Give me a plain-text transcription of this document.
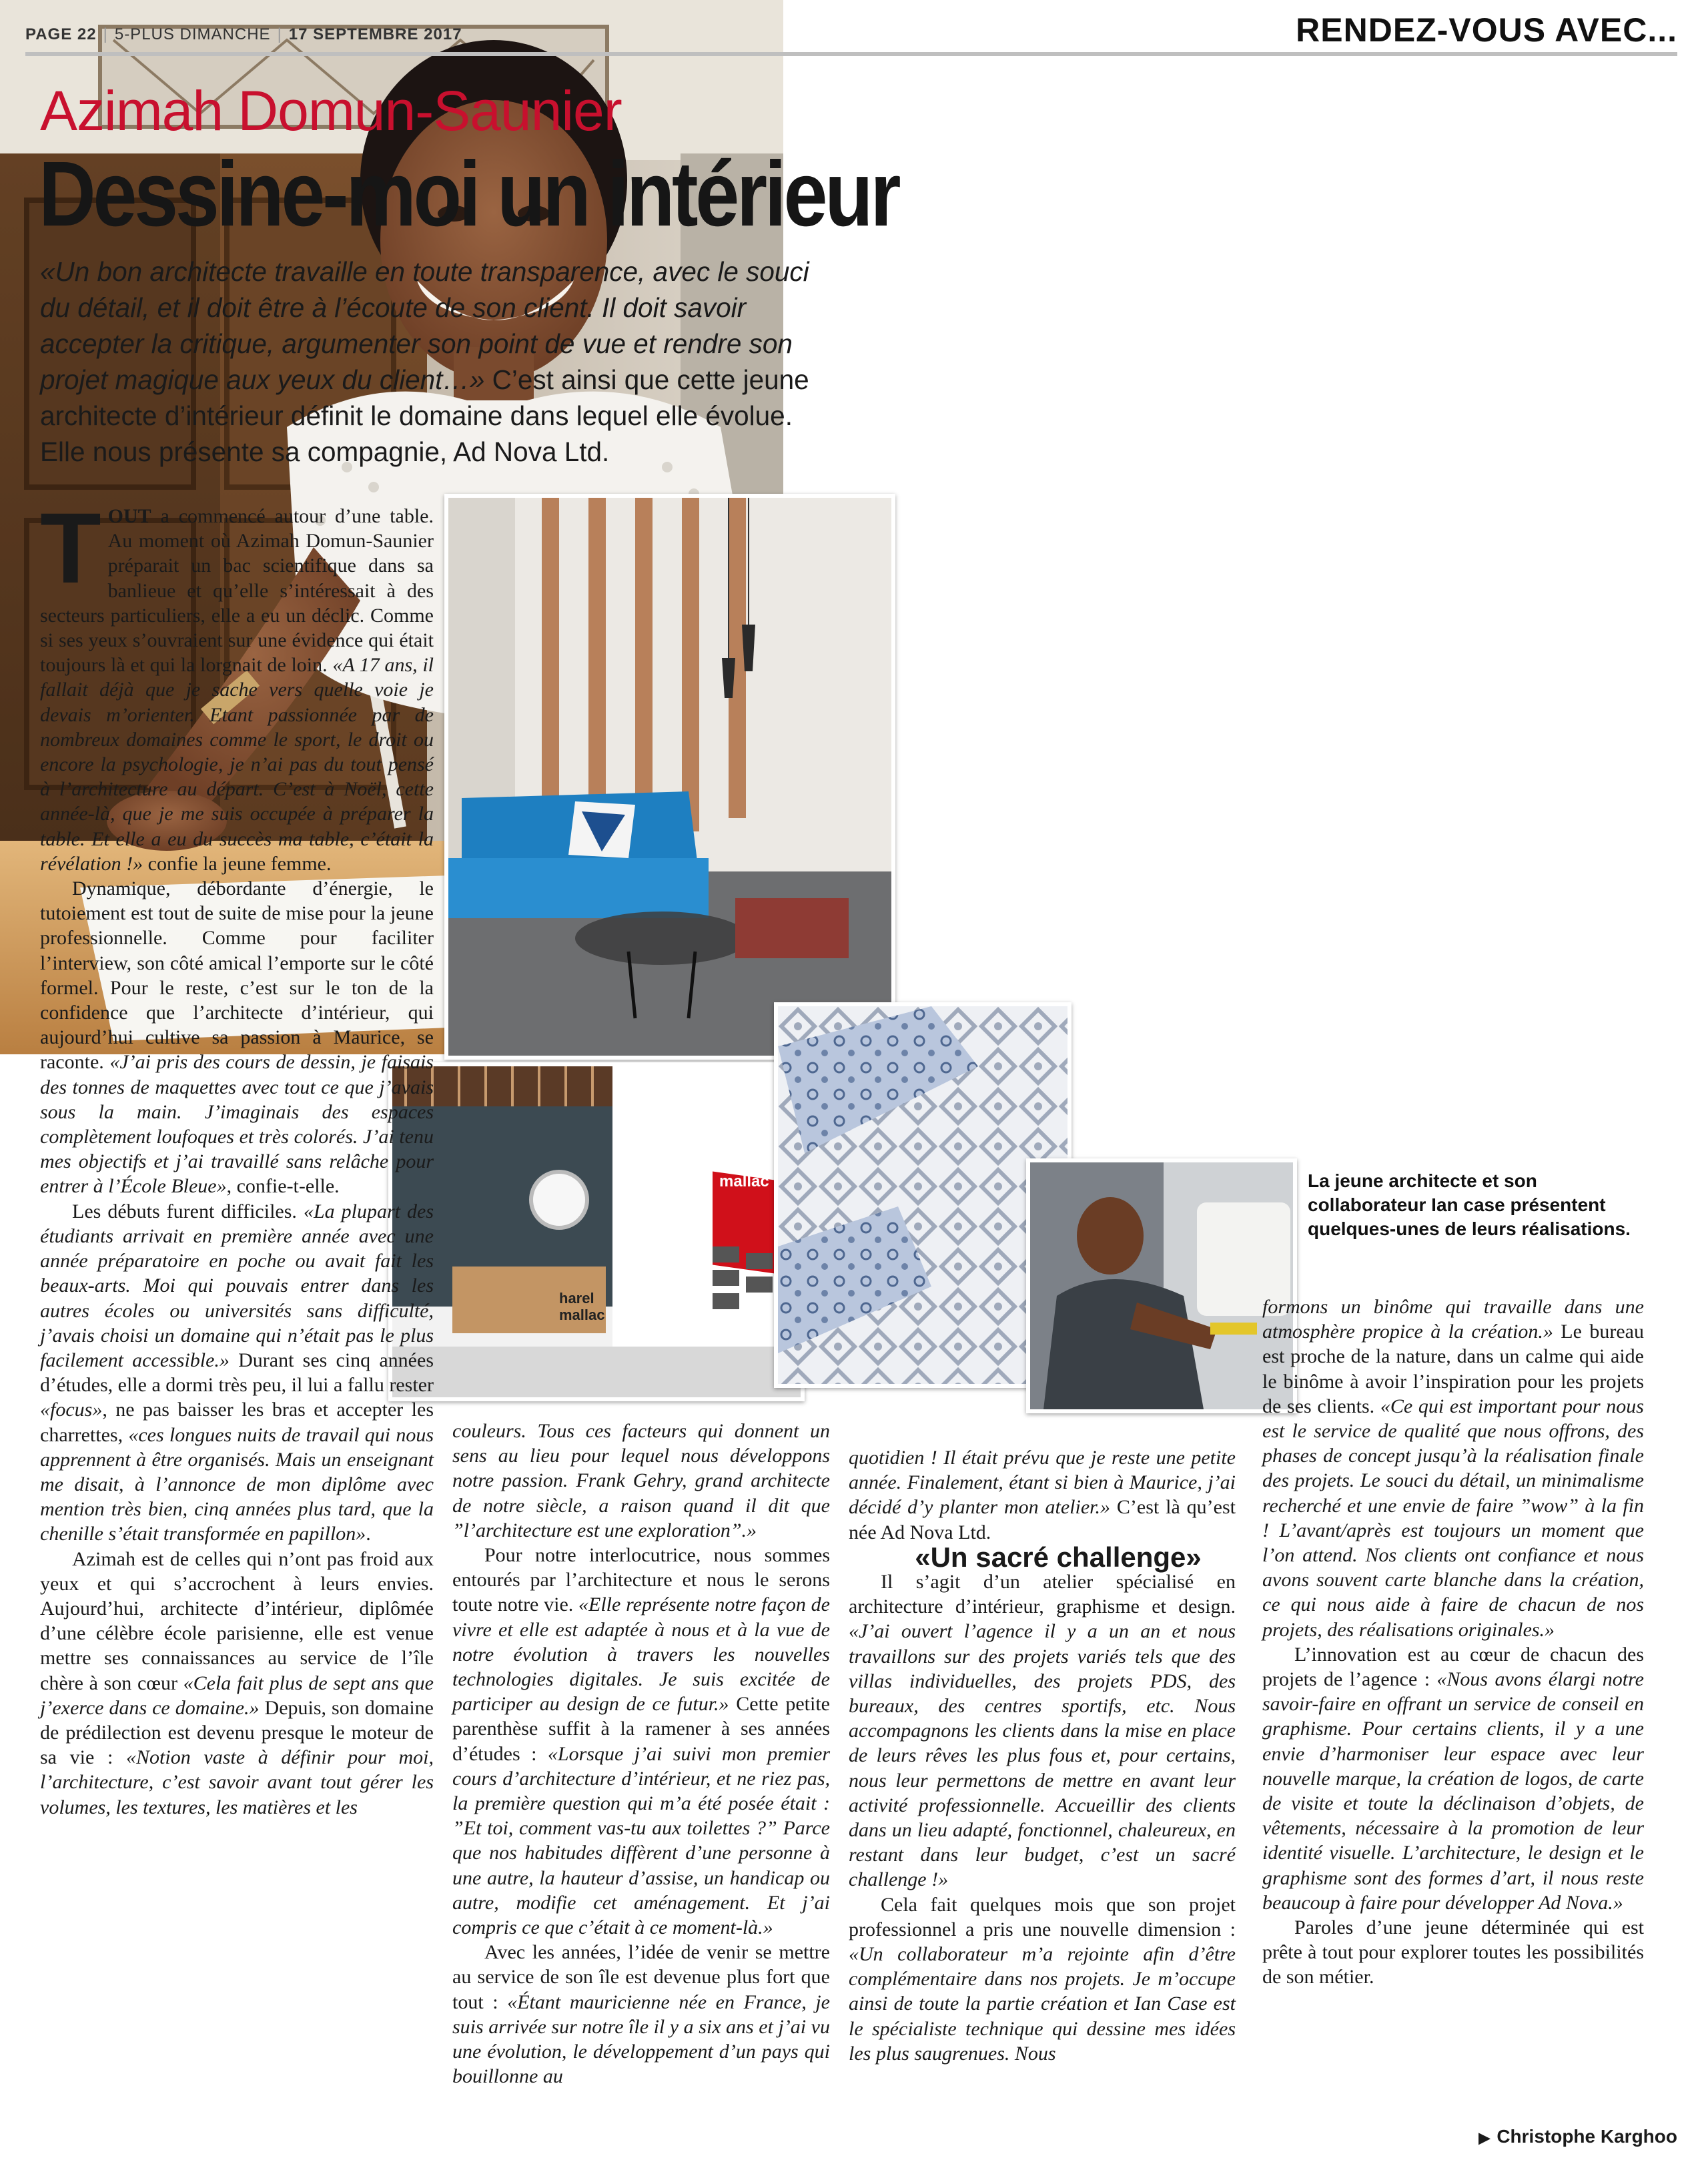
PAGE 22 | 5-PLUS DIMANCHE | 17 SEPTEMBRE 2017	RENDEZ-VOUS AVEC...
Azimah Domun-Saunier
Dessine-moi un intérieur
«Un bon architecte travaille en toute transparence, avec le souci du détail, et il doit être à l’écoute de son client. Il doit savoir accepter la critique, argumenter son point de vue et rendre son projet magique aux yeux du client…» C’est ainsi que cette jeune architecte d’intérieur définit le domaine dans lequel elle évolue. Elle nous présente sa compagnie, Ad Nova Ltd.
harel
mallac
harel
mallac	La jeune architecte et son collaborateur Ian case présentent quelques-unes de leurs réalisations.

TOUT a commencé autour d’une table. Au moment où Azimah Domun-Saunier préparait un bac scientifique dans sa banlieue et qu’elle s’intéressait à des secteurs particuliers, elle a eu un déclic. Comme si ses yeux s’ouvraient sur une évidence qui était toujours là et qui la lorgnait de loin. «A 17 ans, il fallait déjà que je sache vers quelle voie je devais m’orienter. Etant passionnée par de nombreux domaines comme le sport, le droit ou encore la psychologie, je n’ai pas du tout pensé à l’architecture au départ. C’est à Noël, cette année-là, que je me suis occupée à préparer la table. Et elle a eu du succès ma table, c’était la révélation !» confie la jeune femme.

Dynamique, débordante d’énergie, le tutoiement est tout de suite de mise pour la jeune professionnelle. Comme pour faciliter l’interview, son côté amical l’emporte sur le côté formel. Pour le reste, c’est sur le ton de la confidence que l’architecte d’intérieur, qui aujourd’hui cultive sa passion à Maurice, se raconte. «J’ai pris des cours de dessin, je faisais des tonnes de maquettes avec tout ce que j’avais sous la main. J’imaginais des espaces complètement loufoques et très colorés. J’ai tenu mes objectifs et j’ai travaillé sans relâche pour entrer à l’École Bleue», confie-t-elle.

Les débuts furent difficiles. «La plupart des étudiants arrivait en première année avec une année préparatoire en poche ou avait fait les beaux-arts. Moi qui pouvais entrer dans les autres écoles ou universités sans difficulté, j’avais choisi un domaine qui n’était pas le plus facilement accessible.» Durant ses cinq années d’études, elle a dormi très peu, il lui a fallu rester «focus», ne pas baisser les bras et accepter les charrettes, «ces longues nuits de travail qui nous apprennent à être organisés. Mais un enseignant me disait, à l’annonce de mon diplôme avec mention très bien, cinq années plus tard, que la chenille s’était transformée en papillon».

Azimah est de celles qui n’ont pas froid aux yeux et qui s’accrochent à leurs envies. Aujourd’hui, architecte d’intérieur, diplômée d’une célèbre école parisienne, elle est venue mettre ses connaissances au service de l’île chère à son cœur «Cela fait plus de sept ans que j’exerce dans ce domaine.» Depuis, son domaine de prédilection est devenu presque le moteur de sa vie : «Notion vaste à définir pour moi, l’architecture, c’est savoir avant tout gérer les volumes, les textures, les matières et les

couleurs. Tous ces facteurs qui donnent un sens au lieu pour lequel nous développons notre passion. Frank Gehry, grand architecte de notre siècle, a raison quand il dit que ”l’architecture est une exploration”.»

Pour notre interlocutrice, nous sommes entourés par l’architecture et nous le serons toute notre vie. «Elle représente notre façon de vivre et elle est adaptée à nous et à la vue de notre évolution à travers les nouvelles technologies digitales. Je suis excitée de participer au design de ce futur.» Cette petite parenthèse suffit à la ramener à ses années d’études : «Lorsque j’ai suivi mon premier cours d’architecture d’intérieur, et ne riez pas, la première question qui m’a été posée était : ”Et toi, comment vas-tu aux toilettes ?” Parce que nos habitudes diffèrent d’une personne à une autre, la hauteur d’assise, un handicap ou autre, modifie cet aménagement. Et j’ai compris ce que c’était à ce moment-là.»

Avec les années, l’idée de venir se mettre au service de son île est devenue plus fort que tout : «Étant mauricienne née en France, je suis arrivée sur notre île il y a six ans et j’ai vu une évolution, le développement d’un pays qui bouillonne au

quotidien ! Il était prévu que je reste une petite année. Finalement, étant si bien à Maurice, j’ai décidé d’y planter mon atelier.» C’est là qu’est née Ad Nova Ltd.

«Un sacré challenge»

Il s’agit d’un atelier spécialisé en architecture d’intérieur, graphisme et design. «J’ai ouvert l’agence il y a un an et nous travaillons sur des projets variés tels que des villas individuelles, des projets PDS, des bureaux, des centres sportifs, etc. Nous accompagnons les clients dans la mise en place de leurs rêves les plus fous et, pour certains, nous leur permettons de mettre en avant leur activité professionnelle. Accueillir des clients dans un lieu adapté, fonctionnel, chaleureux, en restant dans leur budget, c’est un sacré challenge !»

Cela fait quelques mois que son projet professionnel a pris une nouvelle dimension : «Un collaborateur m’a rejointe afin d’être complémentaire dans nos projets. Je m’occupe ainsi de toute la partie création et Ian Case est le spécialiste technique qui dessine mes idées les plus saugrenues. Nous

formons un binôme qui travaille dans une atmosphère propice à la création.» Le bureau est proche de la nature, dans un calme qui aide le binôme à avoir l’inspiration pour les projets de ses clients. «Ce qui est important pour nous est le service de qualité que nous offrons, des phases de concept jusqu’à la réalisation finale des projets. Le souci du détail, un minimalisme recherché et une envie de faire ”wow” à la fin ! L’avant/après est toujours un moment que l’on attend. Nos clients ont confiance et nous avons souvent carte blanche dans la création, ce qui nous aide à faire de chacun de nos projets, des réalisations originales.»

L’innovation est au cœur de chacun des projets de l’agence : «Nous avons élargi notre savoir-faire en offrant un service de conseil en graphisme. Pour certains clients, il y a une envie d’harmoniser leur espace avec leur nouvelle marque, la création de logos, de carte de visite et toute la déclinaison d’objets, de vêtements, nécessaire à la promotion de leur identité visuelle. L’architecture, le design et le graphisme sont des formes d’art, il nous reste beaucoup à faire pour développer Ad Nova.»

Paroles d’une jeune déterminée qui est prête à tout pour explorer toutes les possibilités de son métier.

▶ Christophe Karghoo
